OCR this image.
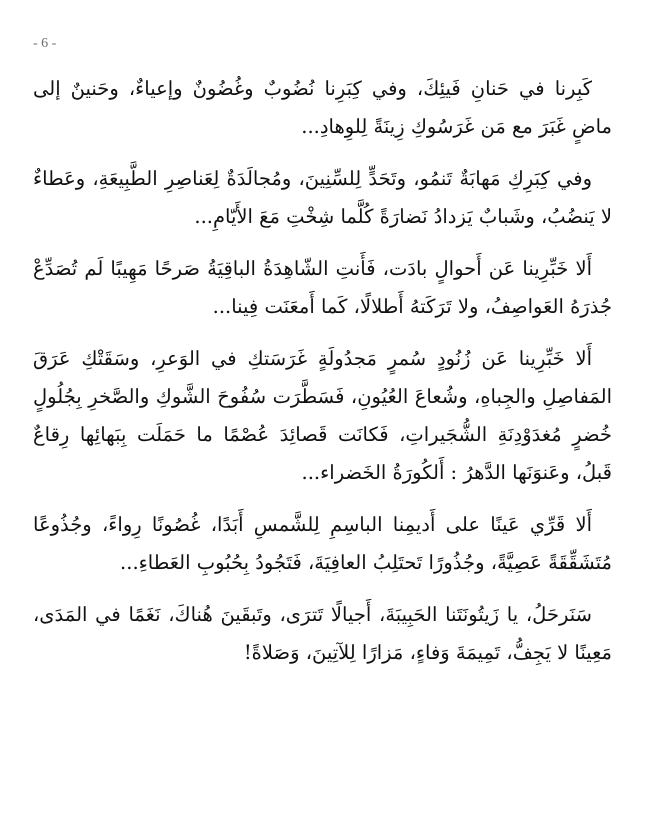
- 6 -

كَبِرنا في حَنانِ فَيئِكَ، وفي كِبَرِنا نُضُوبٌ وغُضُونٌ وإعياءٌ، وحَنينٌ إلى ماضٍ غَبَرَ مع مَن غَرَسُوكِ زِينَةً لِلوِهادِ...

وفي كِبَرِكِ مَهابَةٌ تَنمُو، وتَحَدٍّ لِلسِّنِينَ، ومُجالَدَةٌ لِعَناصِرِ الطَّبِيعَةِ، وعَطاءٌ لا يَنضُبُ، وشَبابٌ يَزدادُ نَضارَةً كُلَّما شِخْتِ مَعَ الأَيّامِ...

أَلا خَبِّرِينا عَن أَحوالٍ بادَت، فَأَنتِ الشّاهِدَةُ الباقِيَةُ صَرحًا مَهِيبًا لَم تُصَدِّعْ جُذرَهُ العَواصِفُ، ولا تَرَكَتهُ أَطلالًا، كَما أَمعَنَت فِينا...

أَلا خَبِّرِينا عَن زُنُودٍ سُمرٍ مَجدُولَةٍ غَرَسَتكِ في الوَعرِ، وسَقَتْكِ عَرَقَ المَفاصِلِ والجِباهِ، وشُعاعَ العُيُونِ، فَسَطَّرَت سُفُوحَ الشَّوكِ والصَّخرِ بِجُلُولٍ خُضرٍ مُغدَوْدِنَةِ الشُّجَيراتِ، فَكانَت قَصائِدَ عُصْمًا ما حَمَلَت بِبَهائِها رِقاعٌ قَبلُ، وعَنوَنَها الدَّهرُ : أَلكُورَةُ الخَضراء...

أَلا قَرِّي عَينًا على أَديمِنا الباسِمِ لِلشَّمسِ أَبَدًا، غُصُونًا رِواءً، وجُذُوعًا مُتَشَقِّقَةً عَصِيَّةً، وجُذُورًا تَحتَلِبُ العافِيَةَ، فَتَجُودُ بِحُبُوبِ العَطاءِ...

سَنَرحَلُ، يا زَيتُونَتَنا الحَبِيبَةَ، أَجيالًا تَترَى، وتَبقَينَ هُناكَ، نَغَمًا في المَدَى، مَعِينًا لا يَجِفُّ، تَمِيمَةَ وَفاءٍ، مَزارًا لِلآتِينَ، وَصَلاةً!
